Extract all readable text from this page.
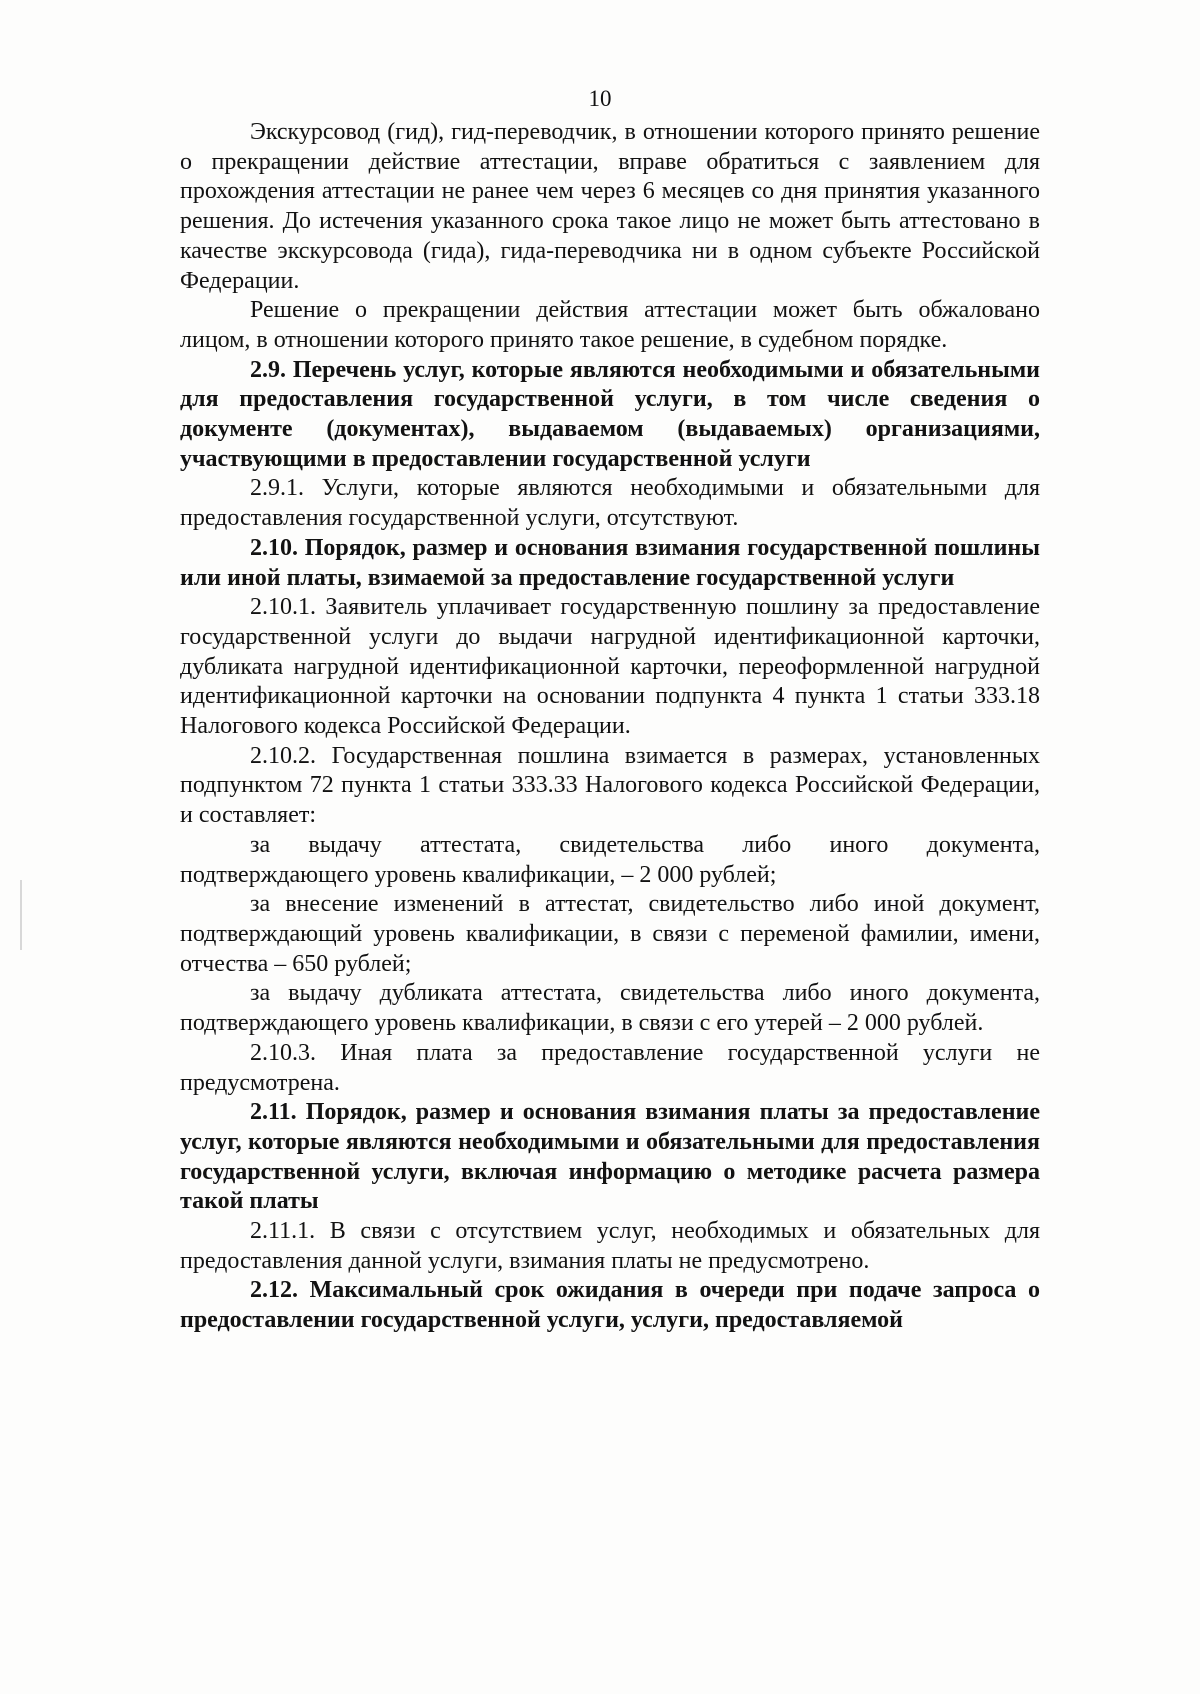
10

Экскурсовод (гид), гид-переводчик, в отношении которого принято решение о прекращении действие аттестации, вправе обратиться с заявлением для прохождения аттестации не ранее чем через 6 месяцев со дня принятия указанного решения. До истечения указанного срока такое лицо не может быть аттестовано в качестве экскурсовода (гида), гида-переводчика ни в одном субъекте Российской Федерации.

Решение о прекращении действия аттестации может быть обжаловано лицом, в отношении которого принято такое решение, в судебном порядке.

2.9. Перечень услуг, которые являются необходимыми и обязательными для предоставления государственной услуги, в том числе сведения о документе (документах), выдаваемом (выдаваемых) организациями, участвующими в предоставлении государственной услуги

2.9.1. Услуги, которые являются необходимыми и обязательными для предоставления государственной услуги, отсутствуют.

2.10. Порядок, размер и основания взимания государственной пошлины или иной платы, взимаемой за предоставление государственной услуги

2.10.1. Заявитель уплачивает государственную пошлину за предоставление государственной услуги до выдачи нагрудной идентификационной карточки, дубликата нагрудной идентификационной карточки, переоформленной нагрудной идентификационной карточки на основании подпункта 4 пункта 1 статьи 333.18 Налогового кодекса Российской Федерации.

2.10.2. Государственная пошлина взимается в размерах, установленных подпунктом 72 пункта 1 статьи 333.33 Налогового кодекса Российской Федерации, и составляет:

за выдачу аттестата, свидетельства либо иного документа, подтверждающего уровень квалификации, – 2 000 рублей;

за внесение изменений в аттестат, свидетельство либо иной документ, подтверждающий уровень квалификации, в связи с переменой фамилии, имени, отчества – 650 рублей;

за выдачу дубликата аттестата, свидетельства либо иного документа, подтверждающего уровень квалификации, в связи с его утерей – 2 000 рублей.

2.10.3. Иная плата за предоставление государственной услуги не предусмотрена.

2.11. Порядок, размер и основания взимания платы за предоставление услуг, которые являются необходимыми и обязательными для предоставления государственной услуги, включая информацию о методике расчета размера такой платы

2.11.1. В связи с отсутствием услуг, необходимых и обязательных для предоставления данной услуги, взимания платы не предусмотрено.

2.12. Максимальный срок ожидания в очереди при подаче запроса о предоставлении государственной услуги, услуги, предоставляемой
